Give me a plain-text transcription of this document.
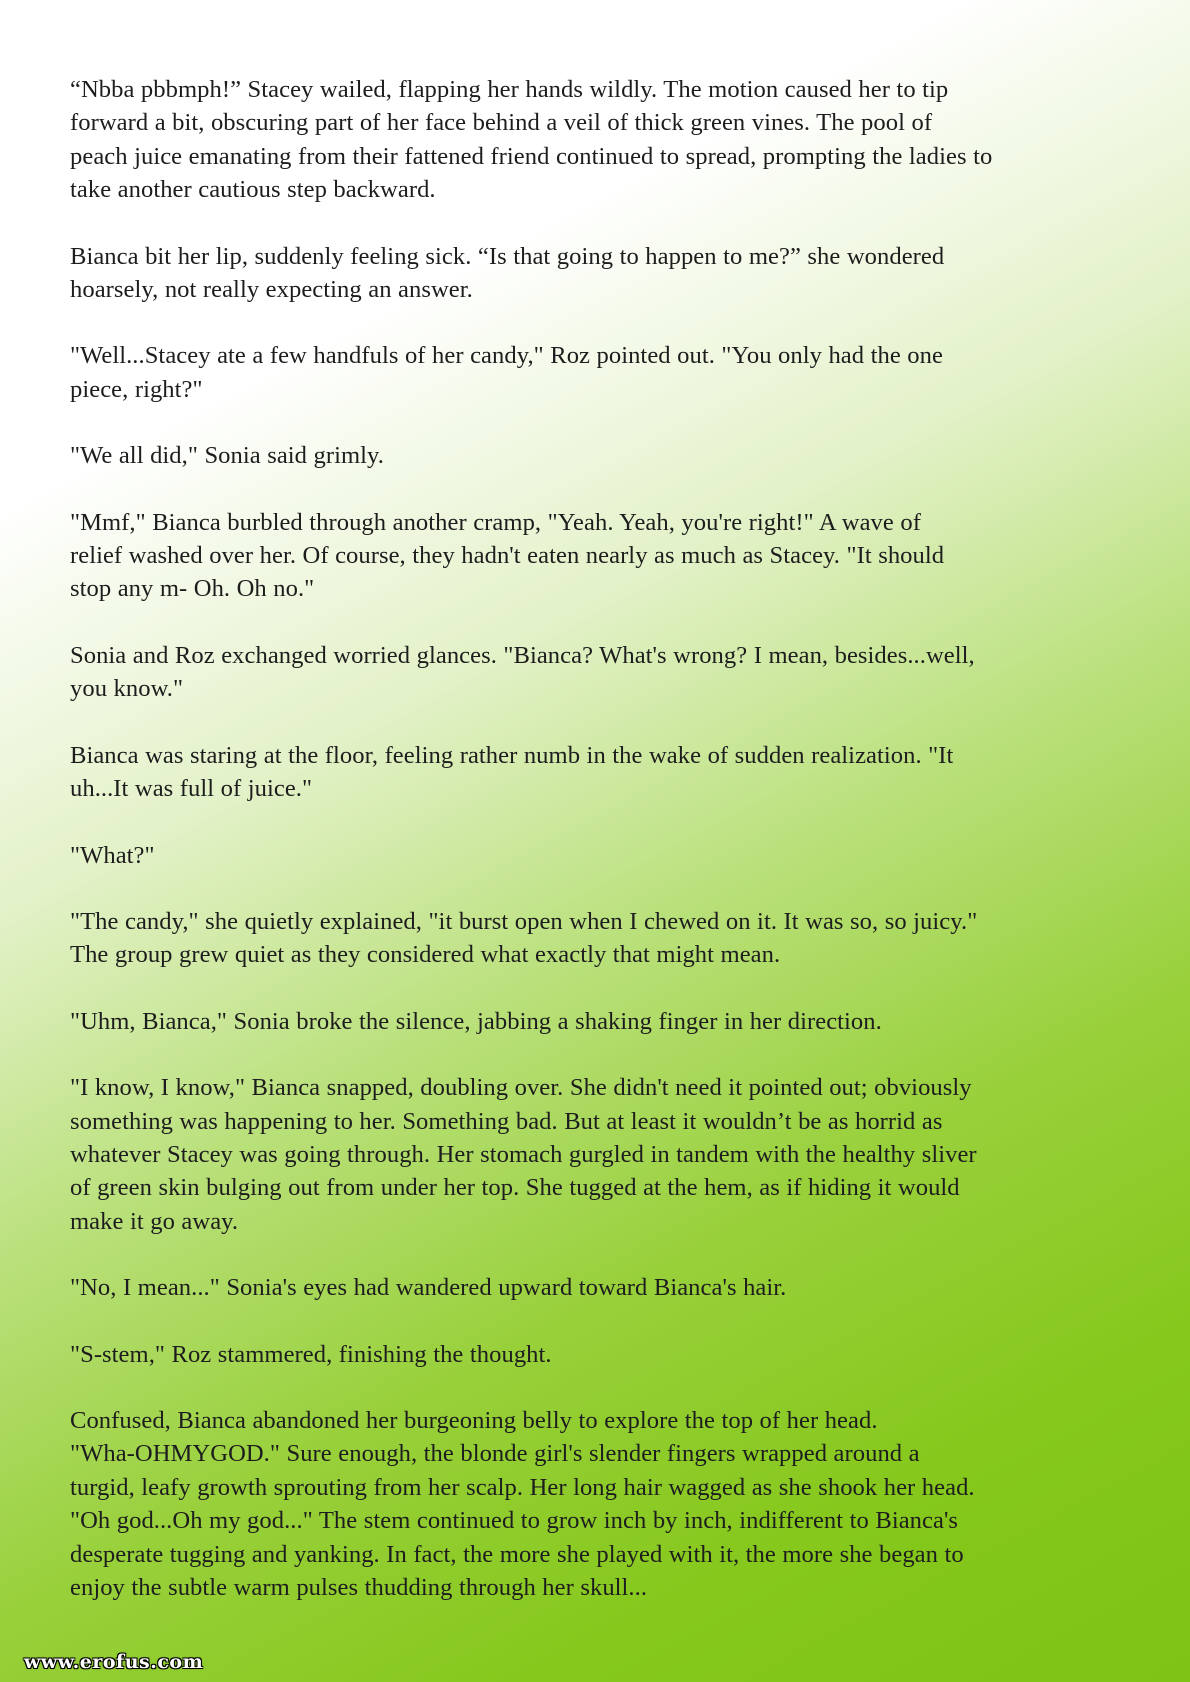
“Nbba pbbmph!” Stacey wailed, flapping her hands wildly. The motion caused her to tip
forward a bit, obscuring part of her face behind a veil of thick green vines. The pool of
peach juice emanating from their fattened friend continued to spread, prompting the ladies to
take another cautious step backward.

Bianca bit her lip, suddenly feeling sick. “Is that going to happen to me?” she wondered
hoarsely, not really expecting an answer.

"Well...Stacey ate a few handfuls of her candy," Roz pointed out. "You only had the one
piece, right?"

"We all did," Sonia said grimly.

"Mmf," Bianca burbled through another cramp, "Yeah. Yeah, you're right!" A wave of
relief washed over her. Of course, they hadn't eaten nearly as much as Stacey. "It should
stop any m- Oh. Oh no."

Sonia and Roz exchanged worried glances. "Bianca? What's wrong? I mean, besides...well,
you know."

Bianca was staring at the floor, feeling rather numb in the wake of sudden realization. "It
uh...It was full of juice."

"What?"

"The candy," she quietly explained, "it burst open when I chewed on it. It was so, so juicy."
The group grew quiet as they considered what exactly that might mean.

"Uhm, Bianca," Sonia broke the silence, jabbing a shaking finger in her direction.

"I know, I know," Bianca snapped, doubling over. She didn't need it pointed out; obviously
something was happening to her. Something bad. But at least it wouldn’t be as horrid as
whatever Stacey was going through. Her stomach gurgled in tandem with the healthy sliver
of green skin bulging out from under her top. She tugged at the hem, as if hiding it would
make it go away.

"No, I mean..." Sonia's eyes had wandered upward toward Bianca's hair.

"S-stem," Roz stammered, finishing the thought.

Confused, Bianca abandoned her burgeoning belly to explore the top of her head.
"Wha-OHMYGOD." Sure enough, the blonde girl's slender fingers wrapped around a
turgid, leafy growth sprouting from her scalp. Her long hair wagged as she shook her head.
"Oh god...Oh my god..." The stem continued to grow inch by inch, indifferent to Bianca's
desperate tugging and yanking. In fact, the more she played with it, the more she began to
enjoy the subtle warm pulses thudding through her skull...

www.erofus.com
